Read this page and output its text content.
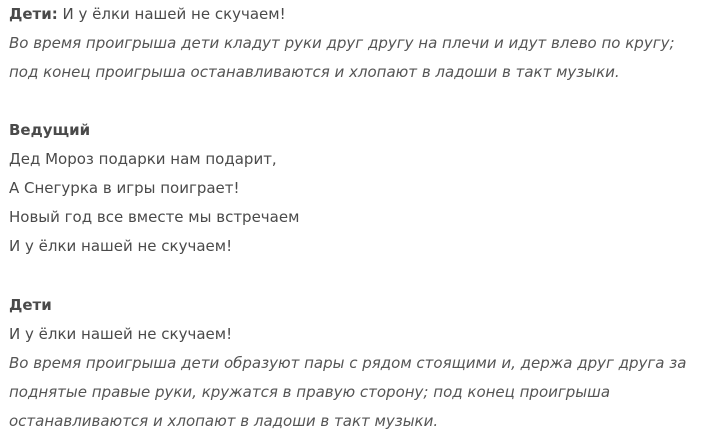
Дети: И у ёлки нашей не скучаем!
Во время проигрыша дети кладут руки друг другу на плечи и идут влево по кругу;
под конец проигрыша останавливаются и хлопают в ладоши в такт музыки.
Ведущий
Дед Мороз подарки нам подарит,
А Снегурка в игры поиграет!
Новый год все вместе мы встречаем
И у ёлки нашей не скучаем!
Дети
И у ёлки нашей не скучаем!
Во время проигрыша дети образуют пары с рядом стоящими и, держа друг друга за
поднятые правые руки, кружатся в правую сторону; под конец проигрыша
останавливаются и хлопают в ладоши в такт музыки.
